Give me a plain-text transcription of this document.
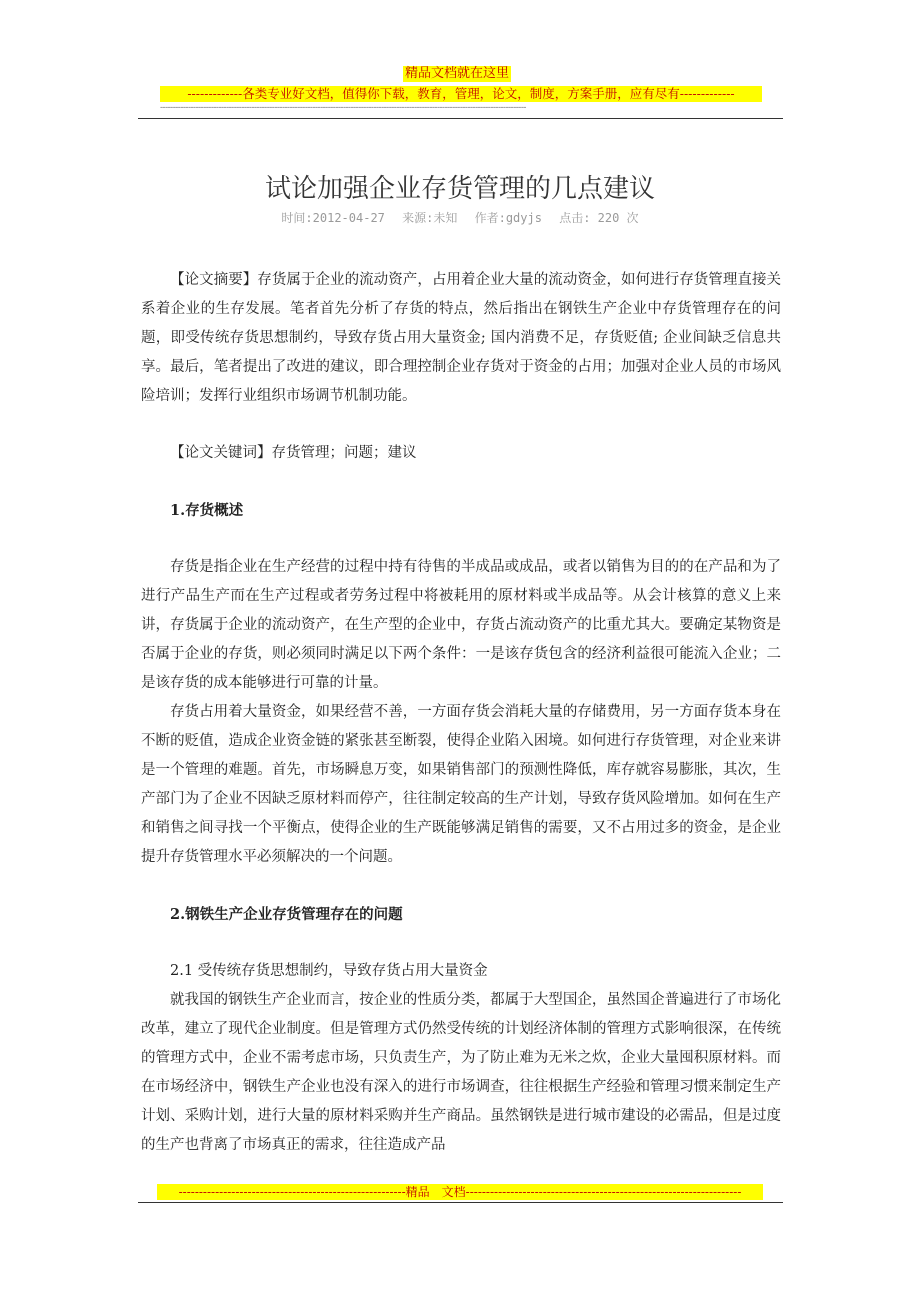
精品文档就在这里
-------------各类专业好文档，值得你下载，教育，管理，论文，制度，方案手册，应有尽有-------------
------------------------------------------------------------------------------------------------------------------------------------------------
试论加强企业存货管理的几点建议
时间:2012-04-27 来源:未知 作者:gdyjs 点击: 220 次

【论文摘要】存货属于企业的流动资产，占用着企业大量的流动资金，如何进行存货管理直接关系着企业的生存发展。笔者首先分析了存货的特点，然后指出在钢铁生产企业中存货管理存在的问题，即受传统存货思想制约，导致存货占用大量资金; 国内消费不足，存货贬值; 企业间缺乏信息共享。最后，笔者提出了改进的建议，即合理控制企业存货对于资金的占用；加强对企业人员的市场风险培训；发挥行业组织市场调节机制功能。

【论文关键词】存货管理；问题；建议

1.存货概述

存货是指企业在生产经营的过程中持有待售的半成品或成品，或者以销售为目的的在产品和为了进行产品生产而在生产过程或者劳务过程中将被耗用的原材料或半成品等。从会计核算的意义上来讲，存货属于企业的流动资产，在生产型的企业中，存货占流动资产的比重尤其大。要确定某物资是否属于企业的存货，则必须同时满足以下两个条件：一是该存货包含的经济利益很可能流入企业；二是该存货的成本能够进行可靠的计量。

存货占用着大量资金，如果经营不善，一方面存货会消耗大量的存储费用，另一方面存货本身在不断的贬值，造成企业资金链的紧张甚至断裂，使得企业陷入困境。如何进行存货管理，对企业来讲是一个管理的难题。首先，市场瞬息万变，如果销售部门的预测性降低，库存就容易膨胀，其次，生产部门为了企业不因缺乏原材料而停产，往往制定较高的生产计划，导致存货风险增加。如何在生产和销售之间寻找一个平衡点，使得企业的生产既能够满足销售的需要，又不占用过多的资金，是企业提升存货管理水平必须解决的一个问题。

2.钢铁生产企业存货管理存在的问题

2.1 受传统存货思想制约，导致存货占用大量资金

就我国的钢铁生产企业而言，按企业的性质分类，都属于大型国企，虽然国企普遍进行了市场化改革，建立了现代企业制度。但是管理方式仍然受传统的计划经济体制的管理方式影响很深，在传统的管理方式中，企业不需考虑市场，只负责生产，为了防止难为无米之炊，企业大量囤积原材料。而在市场经济中，钢铁生产企业也没有深入的进行市场调查，往往根据生产经验和管理习惯来制定生产计划、采购计划，进行大量的原材料采购并生产商品。虽然钢铁是进行城市建设的必需品，但是过度的生产也背离了市场真正的需求，往往造成产品

--------------------------------------------------------精品　文档--------------------------------------------------------------------
